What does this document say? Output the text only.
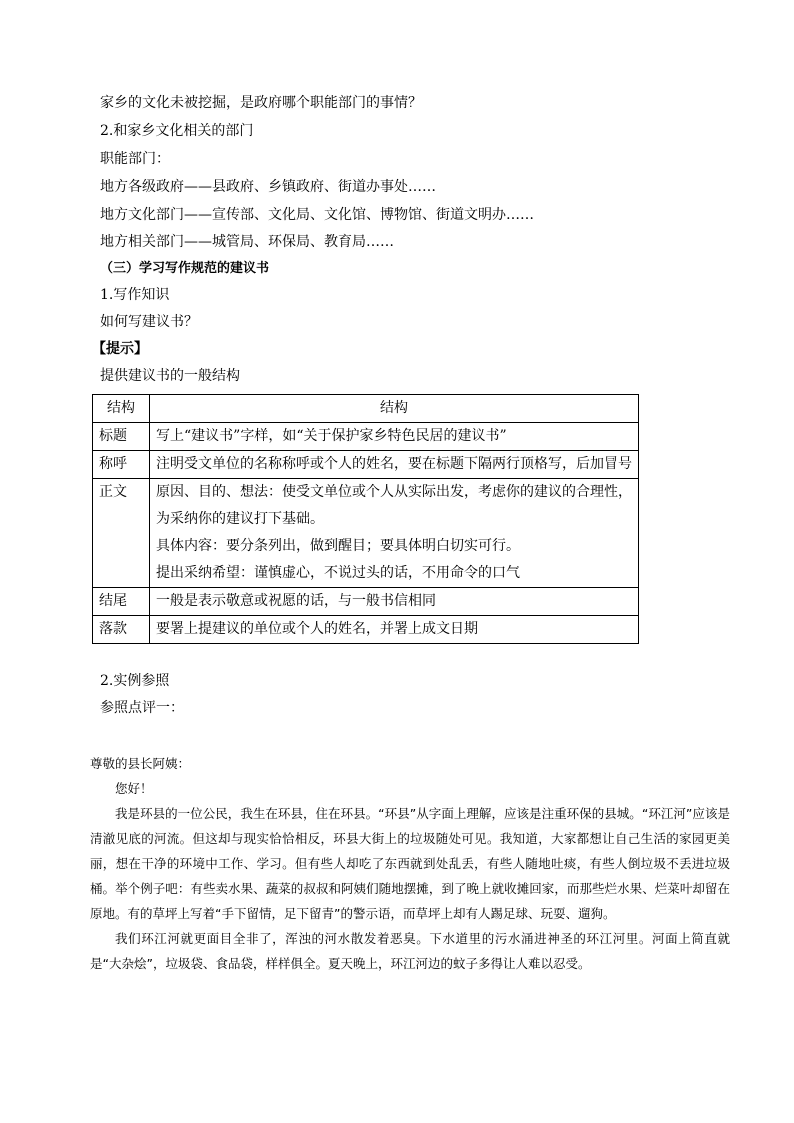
家乡的文化未被挖掘，是政府哪个职能部门的事情？
2.和家乡文化相关的部门
职能部门：
地方各级政府——县政府、乡镇政府、街道办事处……
地方文化部门——宣传部、文化局、文化馆、博物馆、街道文明办……
地方相关部门——城管局、环保局、教育局……
（三）学习写作规范的建议书
1.写作知识
如何写建议书？
【提示】
提供建议书的一般结构
结构	结构
标题	写上“建议书”字样，如“关于保护家乡特色民居的建议书”

称呼	注明受文单位的名称称呼或个人的姓名，要在标题下隔两行顶格写，后加冒号

正文	原因、目的、想法：使受文单位或个人从实际出发，考虑你的建议的合理性，
为采纳你的建议打下基础。
具体内容：要分条列出，做到醒目；要具体明白切实可行。
提出采纳希望：谨慎虚心，不说过头的话，不用命令的口气

结尾	一般是表示敬意或祝愿的话，与一般书信相同

落款	要署上提建议的单位或个人的姓名，并署上成文日期
2.实例参照
参照点评一：

尊敬的县长阿姨：

您好！

我是环县的一位公民，我生在环县，住在环县。“环县”从字面上理解，应该是注重环保的县城。“环江河”应该是清澈见底的河流。但这却与现实恰恰相反，环县大街上的垃圾随处可见。我知道，大家都想让自己生活的家园更美丽，想在干净的环境中工作、学习。但有些人却吃了东西就到处乱丢，有些人随地吐痰，有些人倒垃圾不丢进垃圾桶。举个例子吧：有些卖水果、蔬菜的叔叔和阿姨们随地摆摊，到了晚上就收摊回家，而那些烂水果、烂菜叶却留在原地。有的草坪上写着“手下留情，足下留青”的警示语，而草坪上却有人踢足球、玩耍、遛狗。

我们环江河就更面目全非了，浑浊的河水散发着恶臭。下水道里的污水涌进神圣的环江河里。河面上简直就是“大杂烩”，垃圾袋、食品袋，样样俱全。夏天晚上，环江河边的蚊子多得让人难以忍受。
